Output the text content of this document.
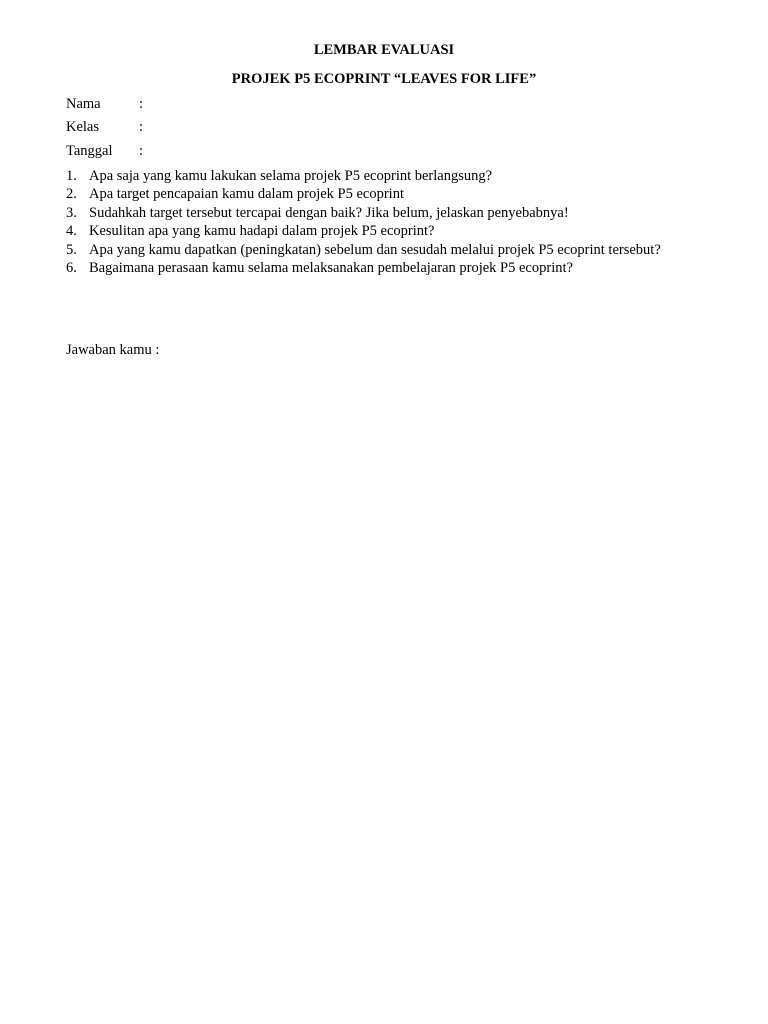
LEMBAR EVALUASI
PROJEK P5 ECOPRINT “LEAVES FOR LIFE”
Nama	:
Kelas	:
Tanggal :
1. Apa saja yang kamu lakukan selama projek P5 ecoprint berlangsung?
2. Apa target pencapaian kamu dalam projek P5 ecoprint
3. Sudahkah target tersebut tercapai dengan baik? Jika belum, jelaskan penyebabnya!
4. Kesulitan apa yang kamu hadapi dalam projek P5 ecoprint?
5. Apa yang kamu dapatkan (peningkatan) sebelum dan sesudah melalui projek P5 ecoprint tersebut?
6. Bagaimana perasaan kamu selama melaksanakan pembelajaran projek P5 ecoprint?
Jawaban kamu :
